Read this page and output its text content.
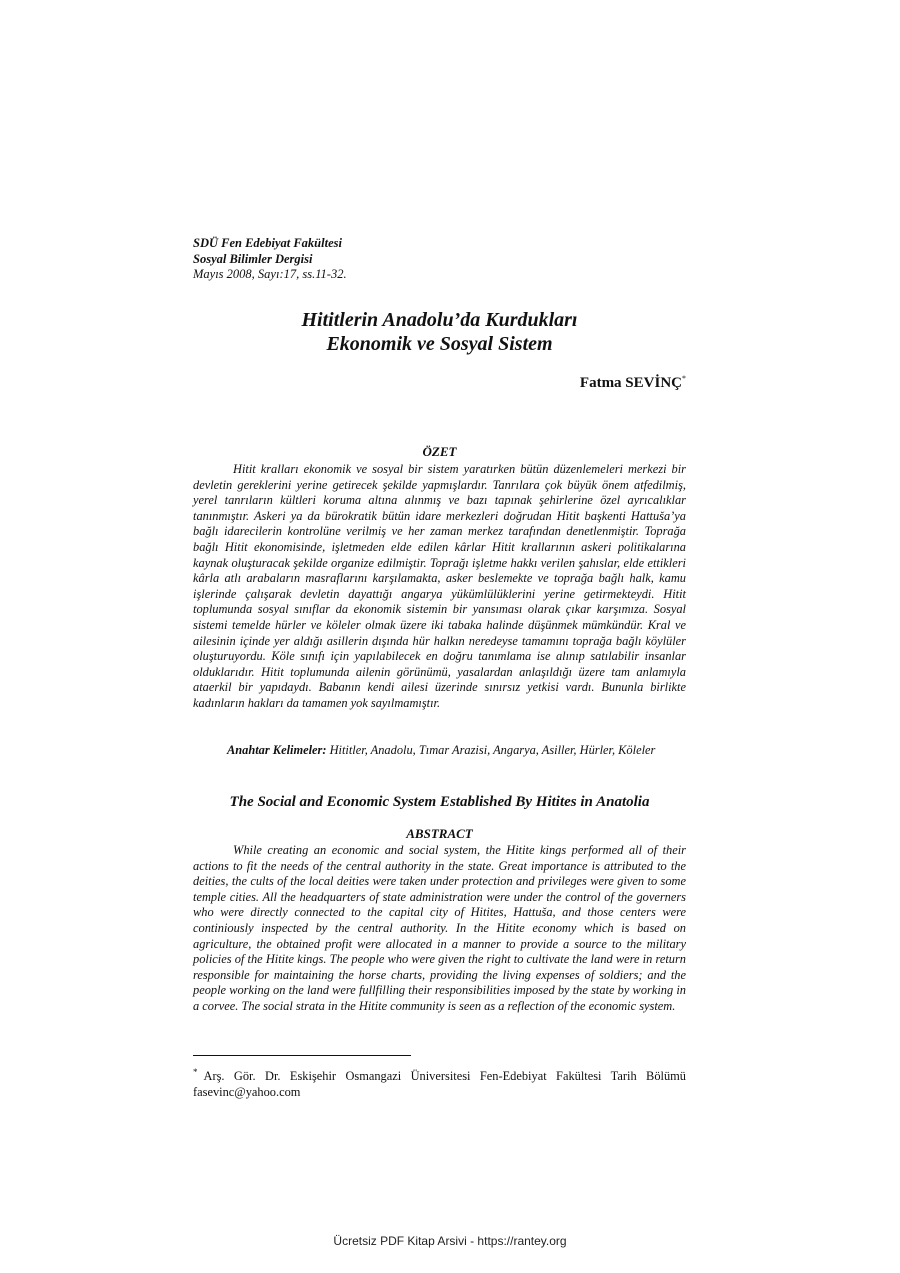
SDÜ Fen Edebiyat Fakültesi
Sosyal Bilimler Dergisi
Mayıs 2008, Sayı:17, ss.11-32.
Hititlerin Anadolu’da Kurdukları
Ekonomik ve Sosyal Sistem
Fatma SEVİNÇ*
ÖZET

Hitit kralları ekonomik ve sosyal bir sistem yaratırken bütün düzenlemeleri merkezi bir devletin gereklerini yerine getirecek şekilde yapmışlardır. Tanrılara çok büyük önem atfedilmiş, yerel tanrıların kültleri koruma altına alınmış ve bazı tapınak şehirlerine özel ayrıcalıklar tanınmıştır. Askeri ya da bürokratik bütün idare merkezleri doğrudan Hitit başkenti Hattuša’ya bağlı idarecilerin kontrolüne verilmiş ve her zaman merkez tarafından denetlenmiştir. Toprağa bağlı Hitit ekonomisinde, işletmeden elde edilen kârlar Hitit krallarının askeri politikalarına kaynak oluşturacak şekilde organize edilmiştir. Toprağı işletme hakkı verilen şahıslar, elde ettikleri kârla atlı arabaların masraflarını karşılamakta, asker beslemekte ve toprağa bağlı halk, kamu işlerinde çalışarak devletin dayattığı angarya yükümlülüklerini yerine getirmekteydi. Hitit toplumunda sosyal sınıflar da ekonomik sistemin bir yansıması olarak çıkar karşımıza. Sosyal sistemi temelde hürler ve köleler olmak üzere iki tabaka halinde düşünmek mümkündür. Kral ve ailesinin içinde yer aldığı asillerin dışında hür halkın neredeyse tamamını toprağa bağlı köylüler oluşturuyordu. Köle sınıfı için yapılabilecek en doğru tanımlama ise alınıp satılabilir insanlar olduklarıdır. Hitit toplumunda ailenin görünümü, yasalardan anlaşıldığı üzere tam anlamıyla ataerkil bir yapıdaydı. Babanın kendi ailesi üzerinde sınırsız yetkisi vardı. Bununla birlikte kadınların hakları da tamamen yok sayılmamıştır.

Anahtar Kelimeler: Hititler, Anadolu, Tımar Arazisi, Angarya, Asiller, Hürler, Köleler

The Social and Economic System Established By Hitites in Anatolia
ABSTRACT

While creating an economic and social system, the Hitite kings performed all of their actions to fit the needs of the central authority in the state. Great importance is attributed to the deities, the cults of the local deities were taken under protection and privileges were given to some temple cities. All the headquarters of state administration were under the control of the governers who were directly connected to the capital city of Hitites, Hattuša, and those centers were continiously inspected by the central authority. In the Hitite economy which is based on agriculture, the obtained profit were allocated in a manner to provide a source to the military policies of the Hitite kings. The people who were given the right to cultivate the land were in return responsible for maintaining the horse charts, providing the living expenses of soldiers; and the people working on the land were fullfilling their responsibilities imposed by the state by working in a corvee. The social strata in the Hitite community is seen as a reflection of the economic system.

* Arş. Gör. Dr. Eskişehir Osmangazi Üniversitesi Fen-Edebiyat Fakültesi Tarih Bölümü fasevinc@yahoo.com

Ücretsiz PDF Kitap Arsivi - https://rantey.org
